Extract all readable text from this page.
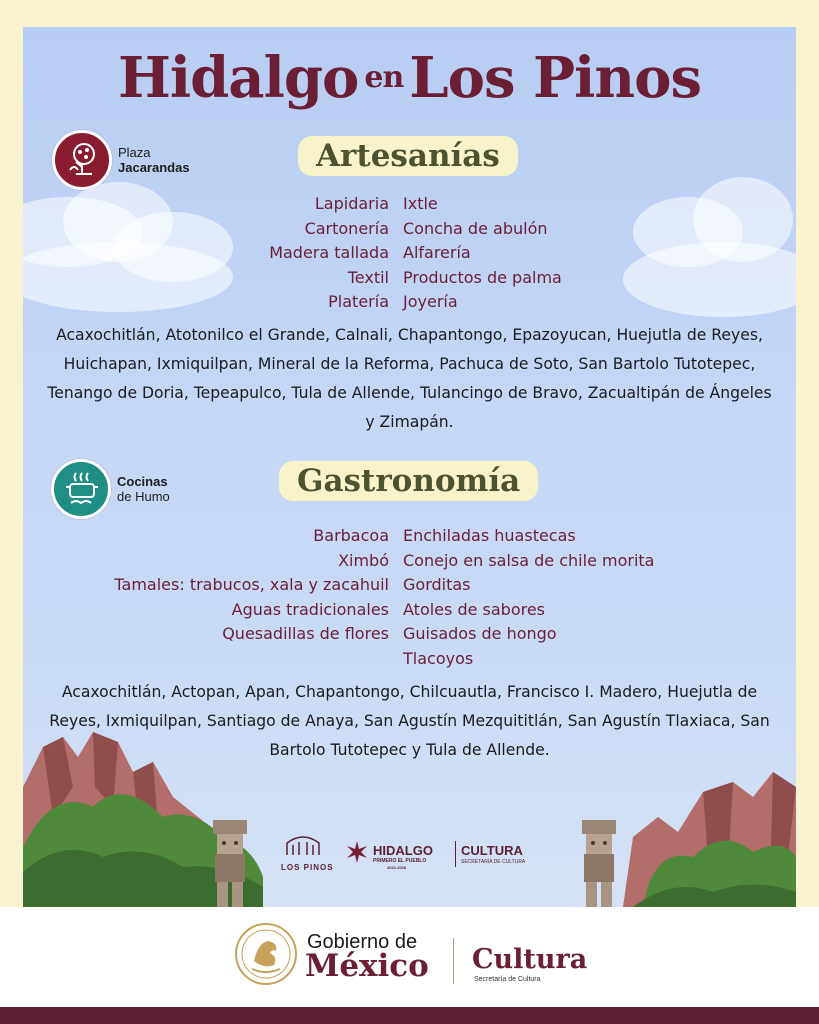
Hidalgo en Los Pinos
Plaza
Jacarandas	Artesanías
Lapidaria Ixtle
Cartonería Concha de abulón
Madera tallada Alfarería
Textil Productos de palma
Platería Joyería
Acaxochitlán, Atotonilco el Grande, Calnali, Chapantongo, Epazoyucan, Huejutla de Reyes, Huichapan, Ixmiquilpan, Mineral de la Reforma, Pachuca de Soto, San Bartolo Tutotepec, Tenango de Doria, Tepeapulco, Tula de Allende, Tulancingo de Bravo, Zacualtipán de Ángeles y Zimapán.
Cocinas
de Humo	Gastronomía
Barbacoa Enchiladas huastecas
Ximbó Conejo en salsa de chile morita
Tamales: trabucos, xala y zacahuil Gorditas
Aguas tradicionales Atoles de sabores
Quesadillas de flores Guisados de hongo
Tlacoyos
Acaxochitlán, Actopan, Apan, Chapantongo, Chilcuautla, Francisco I. Madero, Huejutla de Reyes, Ixmiquilpan, Santiago de Anaya, San Agustín Mezquititlán, San Agustín Tlaxiaca, San Bartolo Tutotepec y Tula de Allende.
LOS PINOS
HIDALGO
PRIMERO EL PUEBLO
2022-2028
CULTURA
SECRETARÍA DE CULTURA
Gobierno de
México Cultura
Secretaría de Cultura
